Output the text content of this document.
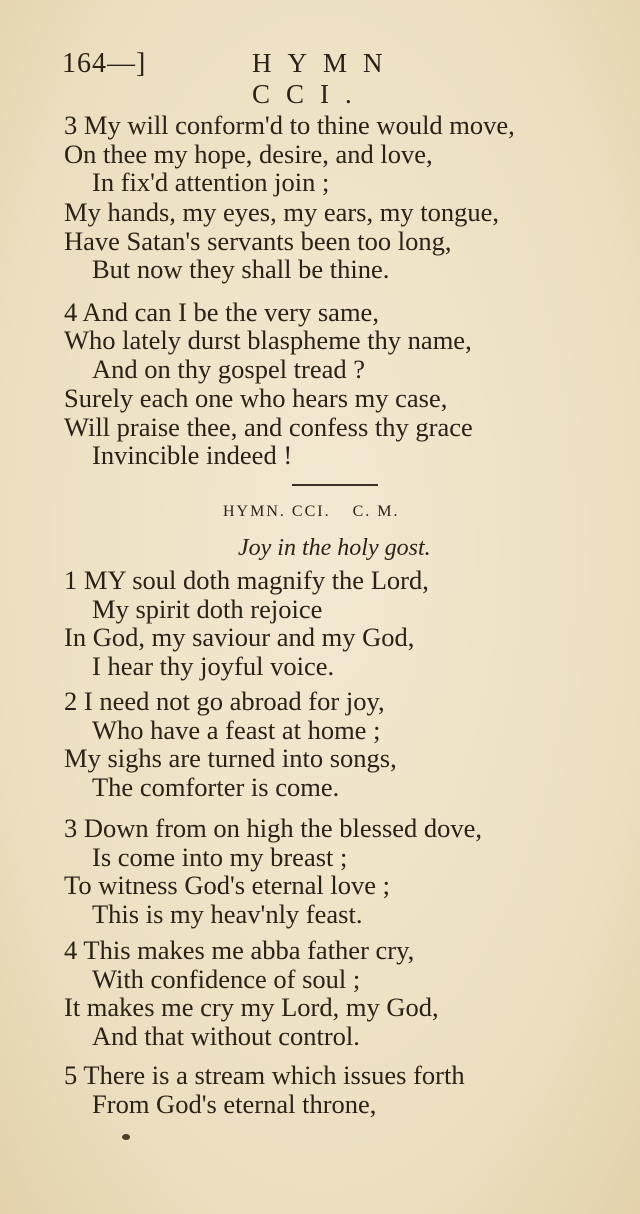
164—]	HYMN CCI.
3 My will conform'd to thine would move,
On thee my hope, desire, and love,
In fix'd attention join ;
My hands, my eyes, my ears, my tongue,
Have Satan's servants been too long,
But now they shall be thine.
4 And can I be the very same,
Who lately durst blaspheme thy name,
And on thy gospel tread ?
Surely each one who hears my case,
Will praise thee, and confess thy grace
Invincible indeed !
HYMN. CCI. C. M.
Joy in the holy gost.
1 MY soul doth magnify the Lord,
My spirit doth rejoice
In God, my saviour and my God,
I hear thy joyful voice.
2 I need not go abroad for joy,
Who have a feast at home ;
My sighs are turned into songs,
The comforter is come.
3 Down from on high the blessed dove,
Is come into my breast ;
To witness God's eternal love ;
This is my heav'nly feast.
4 This makes me abba father cry,
With confidence of soul ;
It makes me cry my Lord, my God,
And that without control.
5 There is a stream which issues forth
From God's eternal throne,
